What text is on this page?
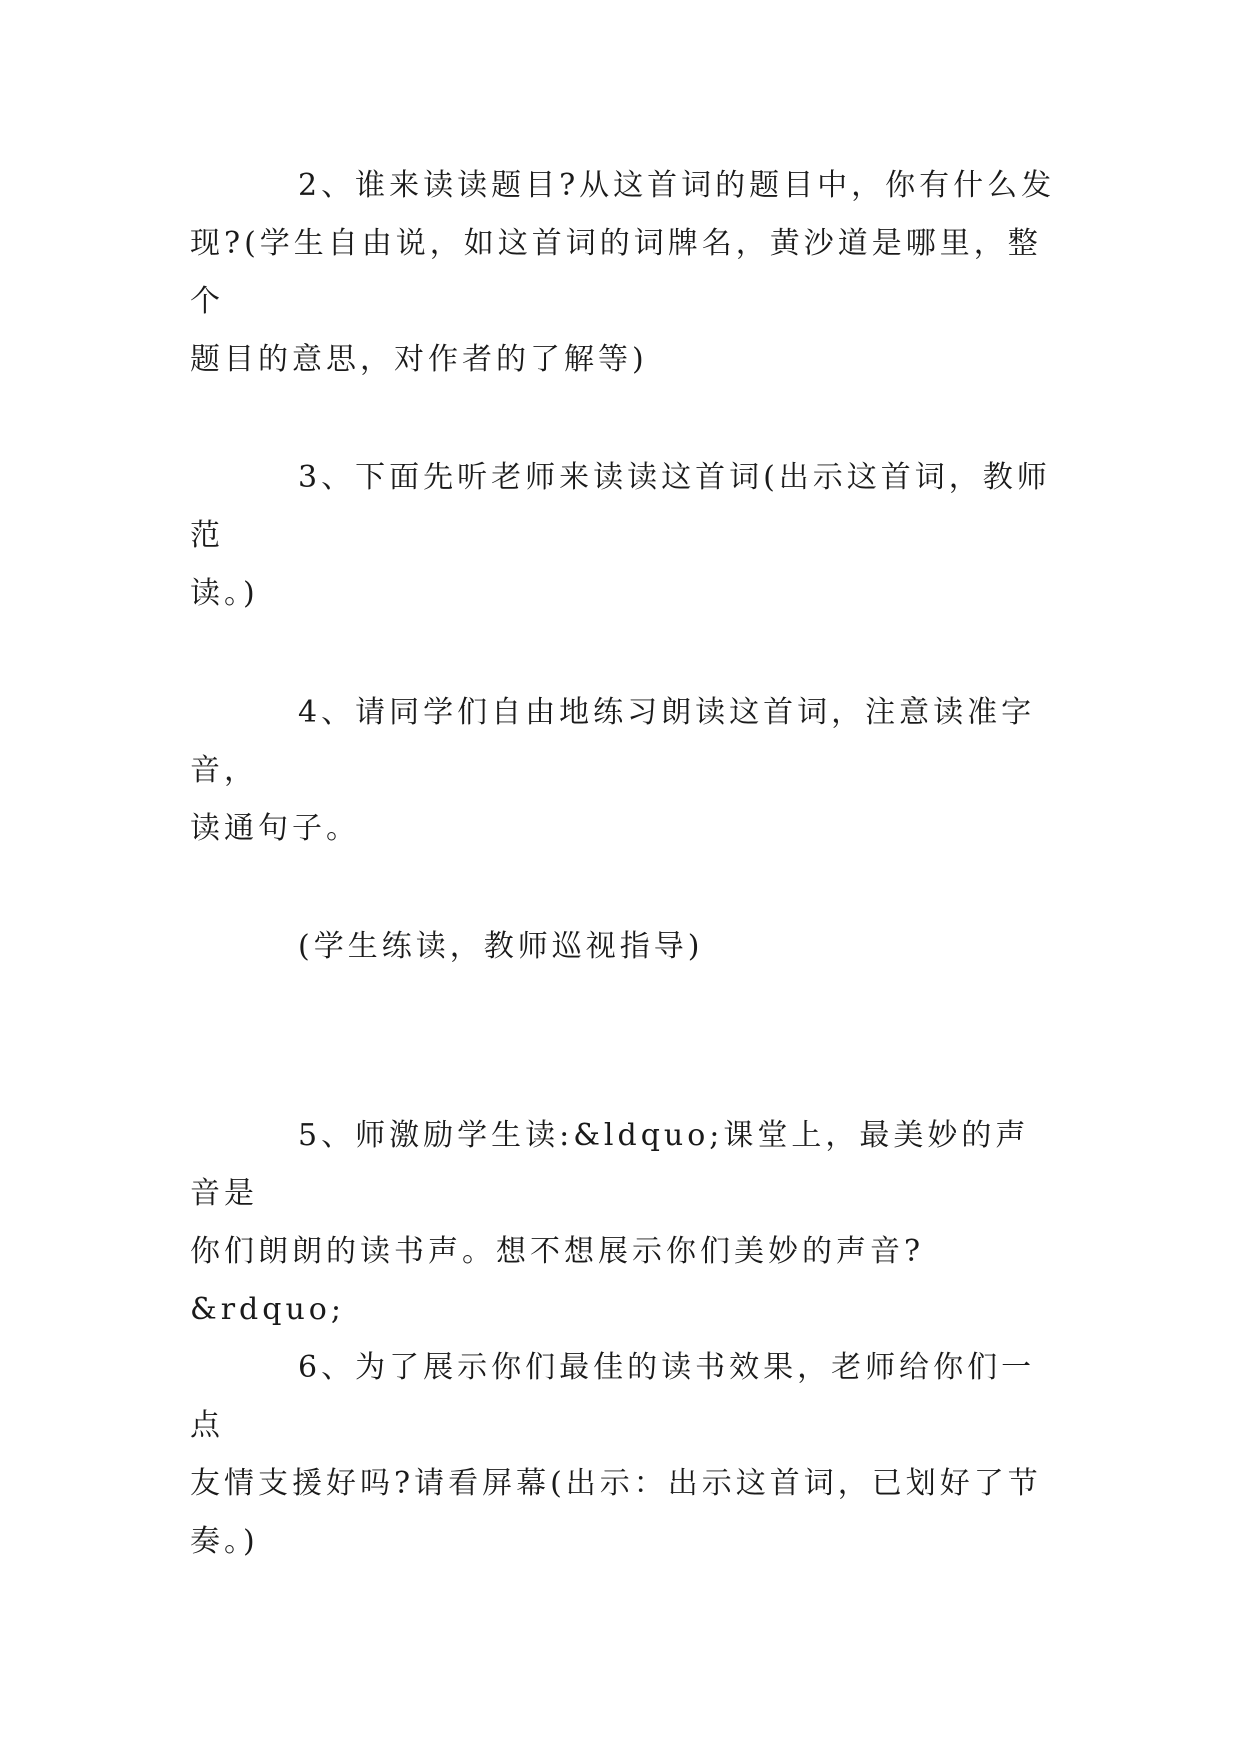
2、谁来读读题目?从这首词的题目中，你有什么发
现?(学生自由说，如这首词的词牌名，黄沙道是哪里，整个
题目的意思，对作者的了解等)

3、下面先听老师来读读这首词(出示这首词，教师范
读。)

4、请同学们自由地练习朗读这首词，注意读准字音，
读通句子。

(学生练读，教师巡视指导)

5、师激励学生读:&ldquo;课堂上，最美妙的声音是
你们朗朗的读书声。想不想展示你们美妙的声音?&rdquo;

6、为了展示你们最佳的读书效果，老师给你们一点
友情支援好吗?请看屏幕(出示：出示这首词，已划好了节
奏。)
